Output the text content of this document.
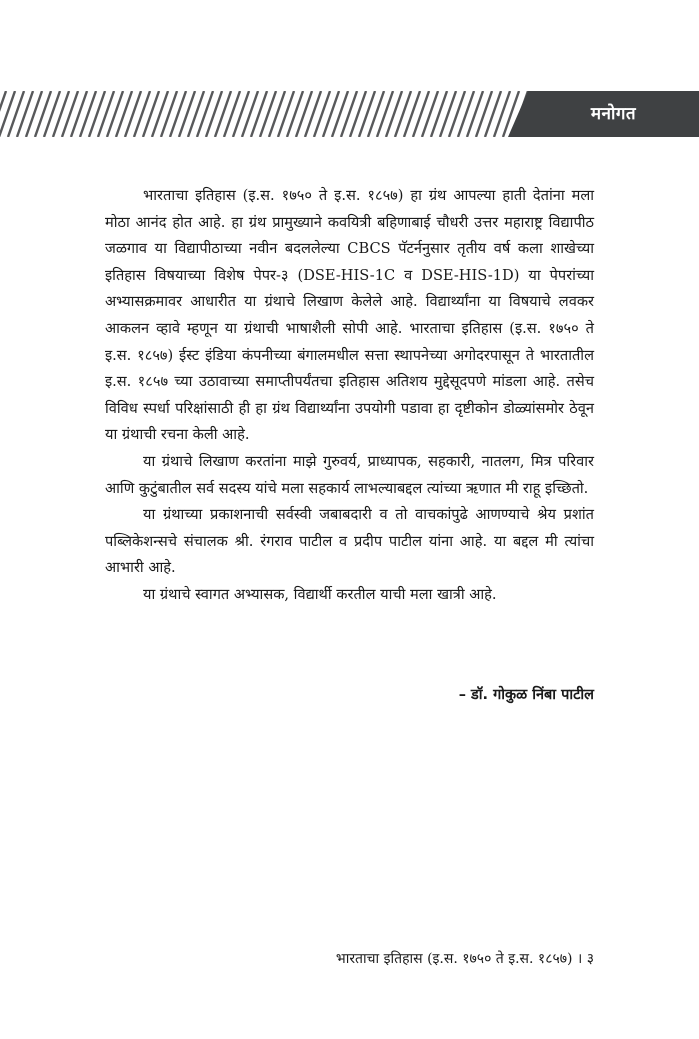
मनोगत

भारताचा इतिहास (इ.स. १७५० ते इ.स. १८५७) हा ग्रंथ आपल्या हाती देतांना मला मोठा आनंद होत आहे. हा ग्रंथ प्रामुख्याने कवयित्री बहिणाबाई चौधरी उत्तर महाराष्ट्र विद्यापीठ जळगाव या विद्यापीठाच्या नवीन बदललेल्या CBCS पॅटर्ननुसार तृतीय वर्ष कला शाखेच्या इतिहास विषयाच्या विशेष पेपर-३ (DSE-HIS-1C व DSE-HIS-1D) या पेपरांच्या अभ्यासक्रमावर आधारीत या ग्रंथाचे लिखाण केलेले आहे. विद्यार्थ्यांना या विषयाचे लवकर आकलन व्हावे म्हणून या ग्रंथाची भाषाशैली सोपी आहे. भारताचा इतिहास (इ.स. १७५० ते इ.स. १८५७) ईस्ट इंडिया कंपनीच्या बंगालमधील सत्ता स्थापनेच्या अगोदरपासून ते भारतातील इ.स. १८५७ च्या उठावाच्या समाप्तीपर्यंतचा इतिहास अतिशय मुद्देसूदपणे मांडला आहे. तसेच विविध स्पर्धा परिक्षांसाठी ही हा ग्रंथ विद्यार्थ्यांना उपयोगी पडावा हा दृष्टीकोन डोळ्यांसमोर ठेवून या ग्रंथाची रचना केली आहे.

या ग्रंथाचे लिखाण करतांना माझे गुरुवर्य, प्राध्यापक, सहकारी, नातलग, मित्र परिवार आणि कुटुंबातील सर्व सदस्य यांचे मला सहकार्य लाभल्याबद्दल त्यांच्या ऋणात मी राहू इच्छितो.

या ग्रंथाच्या प्रकाशनाची सर्वस्वी जबाबदारी व तो वाचकांपुढे आणण्याचे श्रेय प्रशांत पब्लिकेशन्सचे संचालक श्री. रंगराव पाटील व प्रदीप पाटील यांना आहे. या बद्दल मी त्यांचा आभारी आहे.

या ग्रंथाचे स्वागत अभ्यासक, विद्यार्थी करतील याची मला खात्री आहे.

– डॉ. गोकुळ निंबा पाटील
भारताचा इतिहास (इ.स. १७५० ते इ.स. १८५७) । ३
